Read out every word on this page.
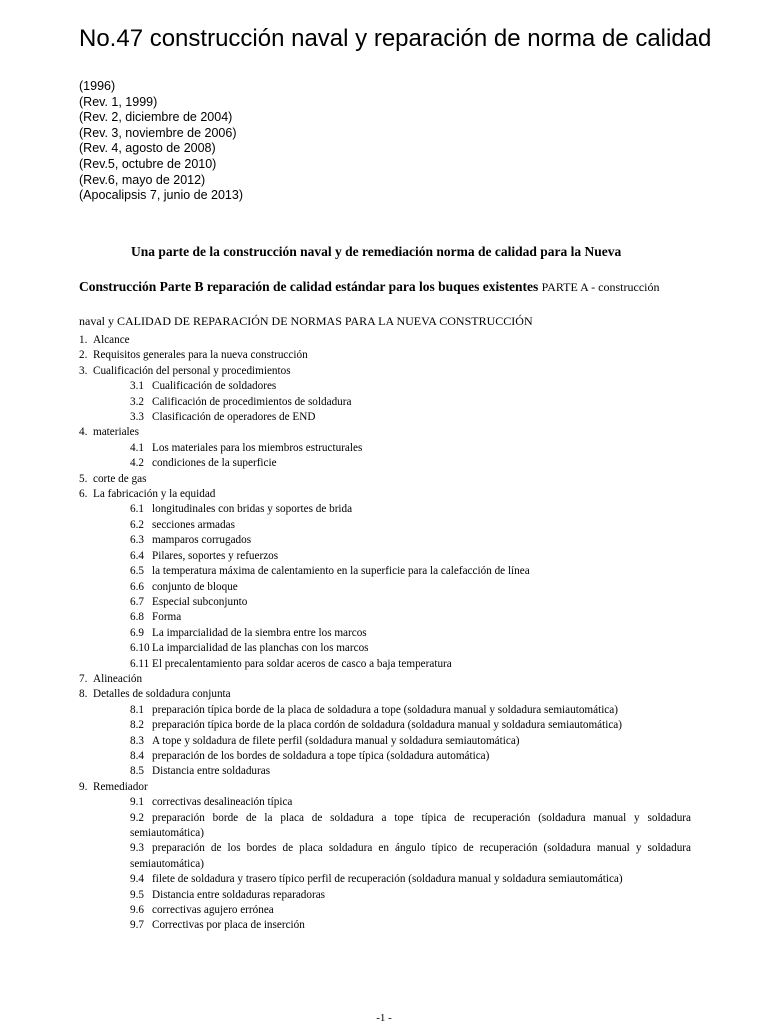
No.47 construcción naval y reparación de norma de calidad
(1996)
(Rev. 1, 1999)
(Rev. 2, diciembre de 2004)
(Rev. 3, noviembre de 2006)
(Rev. 4, agosto de 2008)
(Rev.5, octubre de 2010)
(Rev.6, mayo de 2012)
(Apocalipsis 7, junio de 2013)
Una parte de la construcción naval y de remediación norma de calidad para la Nueva
Construcción Parte B reparación de calidad estándar para los buques existentes PARTE A - construcción
naval y CALIDAD DE REPARACIÓN DE NORMAS PARA LA NUEVA CONSTRUCCIÓN
1. Alcance
2. Requisitos generales para la nueva construcción
3. Cualificación del personal y procedimientos
3.1 Cualificación de soldadores
3.2 Calificación de procedimientos de soldadura
3.3 Clasificación de operadores de END
4. materiales
4.1 Los materiales para los miembros estructurales
4.2 condiciones de la superficie
5. corte de gas
6. La fabricación y la equidad
6.1 longitudinales con bridas y soportes de brida
6.2 secciones armadas
6.3 mamparos corrugados
6.4 Pilares, soportes y refuerzos
6.5 la temperatura máxima de calentamiento en la superficie para la calefacción de línea
6.6 conjunto de bloque
6.7 Especial subconjunto
6.8 Forma
6.9 La imparcialidad de la siembra entre los marcos
6.10 La imparcialidad de las planchas con los marcos
6.11 El precalentamiento para soldar aceros de casco a baja temperatura
7. Alineación
8. Detalles de soldadura conjunta
8.1 preparación típica borde de la placa de soldadura a tope (soldadura manual y soldadura semiautomática)
8.2 preparación típica borde de la placa cordón de soldadura (soldadura manual y soldadura semiautomática)
8.3 A tope y soldadura de filete perfil (soldadura manual y soldadura semiautomática)
8.4 preparación de los bordes de soldadura a tope típica (soldadura automática)
8.5 Distancia entre soldaduras
9. Remediador
9.1 correctivas desalineación típica
9.2 preparación borde de la placa de soldadura a tope típica de recuperación (soldadura manual y soldadura semiautomática)
9.3 preparación de los bordes de placa soldadura en ángulo típico de recuperación (soldadura manual y soldadura semiautomática)
9.4 filete de soldadura y trasero típico perfil de recuperación (soldadura manual y soldadura semiautomática)
9.5 Distancia entre soldaduras reparadoras
9.6 correctivas agujero errónea
9.7 Correctivas por placa de inserción
-1 -
